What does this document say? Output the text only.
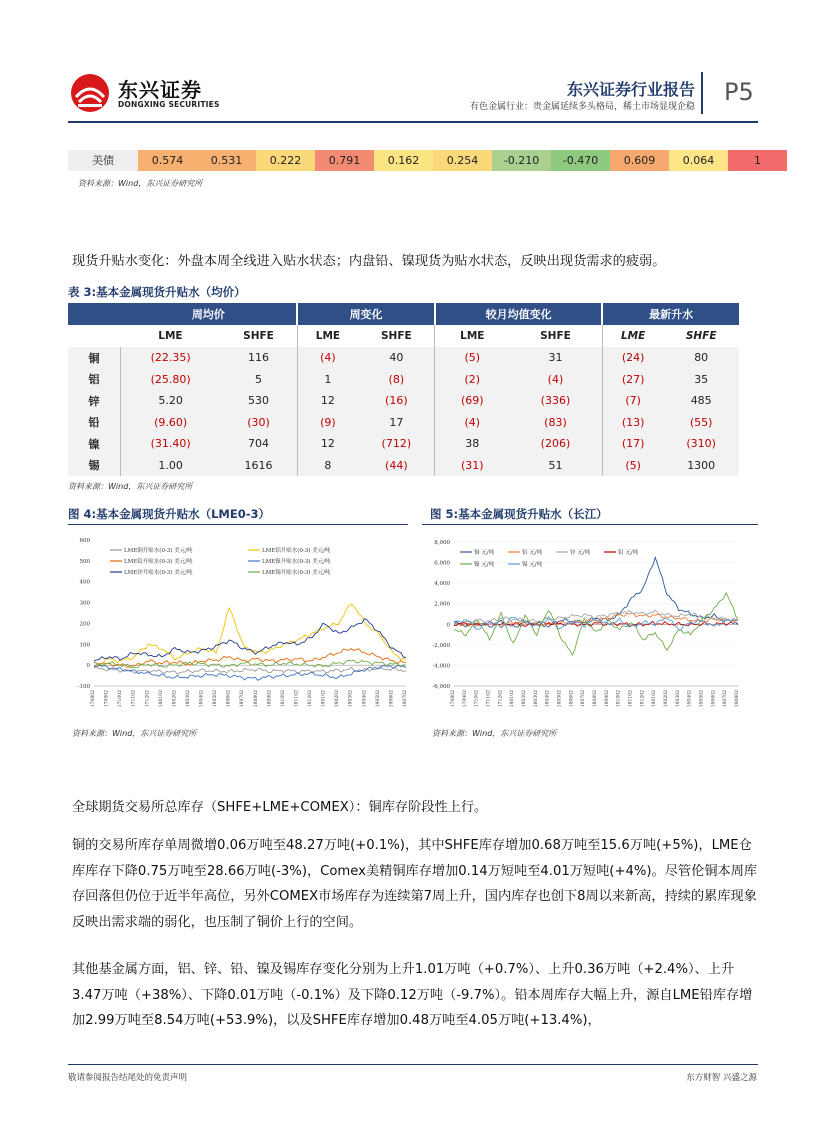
东兴证券
DONGXING SECURITIES
东兴证券行业报告
有色金属行业：贵金属延续多头格局，稀土市场显现企稳
P5
美债	0.574	0.531	0.222	0.791	0.162	0.254	-0.210	-0.470	0.609	0.064	1
资料来源：Wind，东兴证券研究所
现货升贴水变化：外盘本周全线进入贴水状态；内盘铅、镍现货为贴水状态，反映出现货需求的疲弱。
表 3:基本金属现货升贴水（均价）
	周均价		周变化		较月均值变化		最新升水	
	LME	SHFE	LME	SHFE	LME	SHFE	LME	SHFE
铜	(22.35)	116	(4)	40	(5)	31	(24)	80
铝	(25.80)	5	1	(8)	(2)	(4)	(27)	35
锌	5.20	530	12	(16)	(69)	(336)	(7)	485
铅	(9.60)	(30)	(9)	17	(4)	(83)	(13)	(55)
镍	(31.40)	704	12	(712)	38	(206)	(17)	(310)
锡	1.00	1616	8	(44)	(31)	51	(5)	1300
资料来源：Wind，东兴证券研究所
图 4:基本金属现货升贴水（LME0-3）
600
500
400
300
200
100
0
-100
170802 170902 171002 171102 171202 180102 180202 180302 180402 180502 180602 180702 180802 180902 181002 181102 181202 190102 190202 190302 190402 190502 190602 190702
LME铜升贴水(0-3) 美元/吨	LME铝升贴水(0-3) 美元/吨
LME铅升贴水(0-3) 美元/吨	LME镍升贴水(0-3) 美元/吨
LME锌升贴水(0-3) 美元/吨	LME锡升贴水(0-3) 美元/吨
资料来源：Wind，东兴证券研究所
图 5:基本金属现货升贴水（长江）
8,000
6,000
4,000
2,000
0
-2,000
-4,000
-6,000
170802 170902 171002 171102 171202 180102 180202 180302 180402 180502 180602 180702 180802 180902 181002 181102 181202 190102 190202 190302 190402 190502 190602 190702 190802
铜 元/吨	铝 元/吨	锌 元/吨	铅 元/吨
镍 元/吨	锡 元/吨
资料来源：Wind，东兴证券研究所
全球期货交易所总库存（SHFE+LME+COMEX）：铜库存阶段性上行。
铜的交易所库存单周微增0.06万吨至48.27万吨(+0.1%)，其中SHFE库存增加0.68万吨至15.6万吨(+5%)，LME仓库库存下降0.75万吨至28.66万吨(-3%)，Comex美精铜库存增加0.14万短吨至4.01万短吨(+4%)。尽管伦铜本周库存回落但仍位于近半年高位，另外COMEX市场库存为连续第7周上升，国内库存也创下8周以来新高，持续的累库现象反映出需求端的弱化，也压制了铜价上行的空间。
其他基金属方面，铝、锌、铅、镍及锡库存变化分别为上升1.01万吨（+0.7%）、上升0.36万吨（+2.4%）、上升3.47万吨（+38%）、下降0.01万吨（-0.1%）及下降0.12万吨（-9.7%）。铅本周库存大幅上升，源自LME铅库存增加2.99万吨至8.54万吨(+53.9%)，以及SHFE库存增加0.48万吨至4.05万吨(+13.4%)，
敬请参阅报告结尾处的免责声明	东方财智 兴盛之源
